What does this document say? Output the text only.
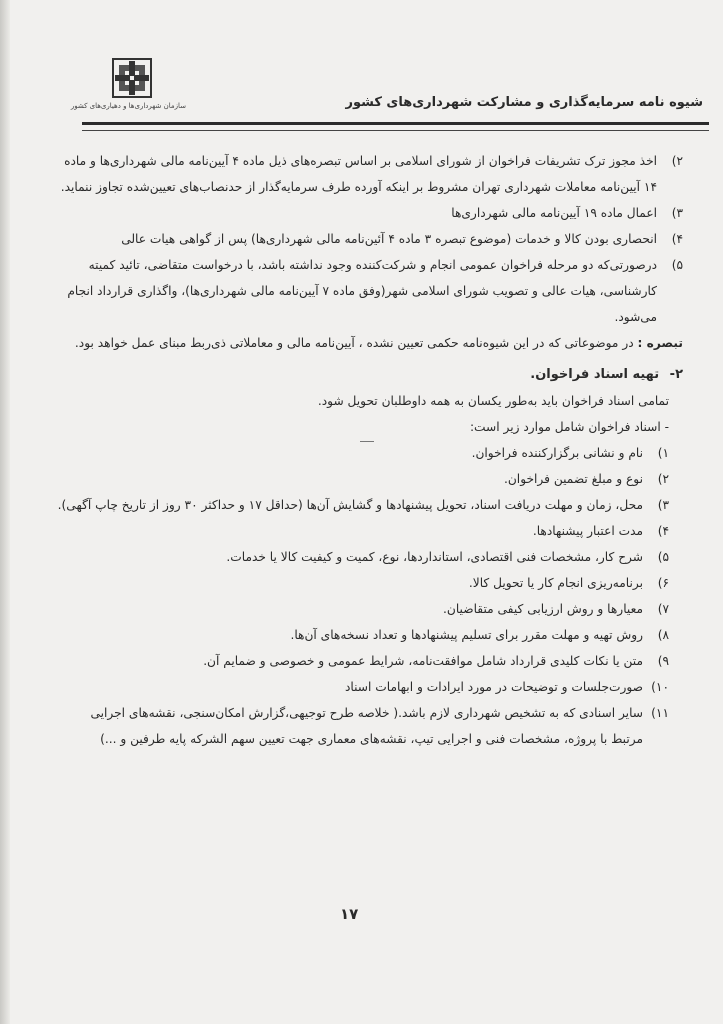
سازمان شهرداری‌ها و دهیاری‌های کشور	شیوه نامه سرمایه‌گذاری و مشارکت شهرداری‌های کشور
۲)
اخذ مجوز ترک تشریفات فراخوان از شورای اسلامی بر اساس تبصره‌های ذیل ماده ۴ آیین‌نامه مالی شهرداری‌ها و ماده ۱۴ آیین‌نامه معاملات شهرداری تهران مشروط بر اینکه آورده طرف سرمایه‌گذار از حدنصاب‌های تعیین‌شده تجاوز ننماید.
۳)
اعمال ماده ۱۹ آیین‌نامه مالی شهرداری‌ها
۴)
انحصاری بودن کالا و خدمات (موضوع تبصره ۳ ماده ۴ آئین‌نامه مالی شهرداری‌ها) پس از گواهی هیات عالی
۵)
درصورتی‌که دو مرحله فراخوان عمومی انجام و شرکت‌کننده وجود نداشته باشد، با درخواست متقاضی، تائید کمیته کارشناسی، هیات عالی و تصویب شورای اسلامی شهر(وفق ماده ۷ آیین‌نامه مالی شهرداری‌ها)، واگذاری قرارداد انجام می‌شود.
تبصره : در موضوعاتی که در این شیوه‌نامه حکمی تعیین نشده ، آیین‌نامه مالی و معاملاتی ذی‌ربط مبنای عمل خواهد بود.
۲- تهیه اسناد فراخوان.
تمامی اسناد فراخوان باید به‌طور یکسان به همه داوطلبان تحویل شود.
- اسناد فراخوان شامل موارد زیر است:
۱)
نام و نشانی برگزارکننده فراخوان.
۲)
نوع و مبلغ تضمین فراخوان.
۳)
محل، زمان و مهلت دریافت اسناد، تحویل پیشنهادها و گشایش آن‌ها (حداقل ۱۷ و حداکثر ۳۰ روز از تاریخ چاپ آگهی).
۴)
مدت اعتبار پیشنهادها.
۵)
شرح کار، مشخصات فنی اقتصادی، استانداردها، نوع، کمیت و کیفیت کالا یا خدمات.
۶)
برنامه‌ریزی انجام کار یا تحویل کالا.
۷)
معیارها و روش ارزیابی کیفی متقاضیان.
۸)
روش تهیه و مهلت مقرر برای تسلیم پیشنهادها و تعداد نسخه‌های آن‌ها.
۹)
متن یا نکات کلیدی قرارداد شامل موافقت‌نامه، شرایط عمومی و خصوصی و ضمایم آن.
۱۰)
صورت‌جلسات و توضیحات در مورد ایرادات و ابهامات اسناد
۱۱)
سایر اسنادی که به تشخیص شهرداری لازم باشد.( خلاصه طرح توجیهی،گزارش امکان‌سنجی، نقشه‌های اجرایی مرتبط با پروژه، مشخصات فنی و اجرایی تیپ، نقشه‌های معماری جهت تعیین سهم الشرکه پایه طرفین و ...)
۱۷
